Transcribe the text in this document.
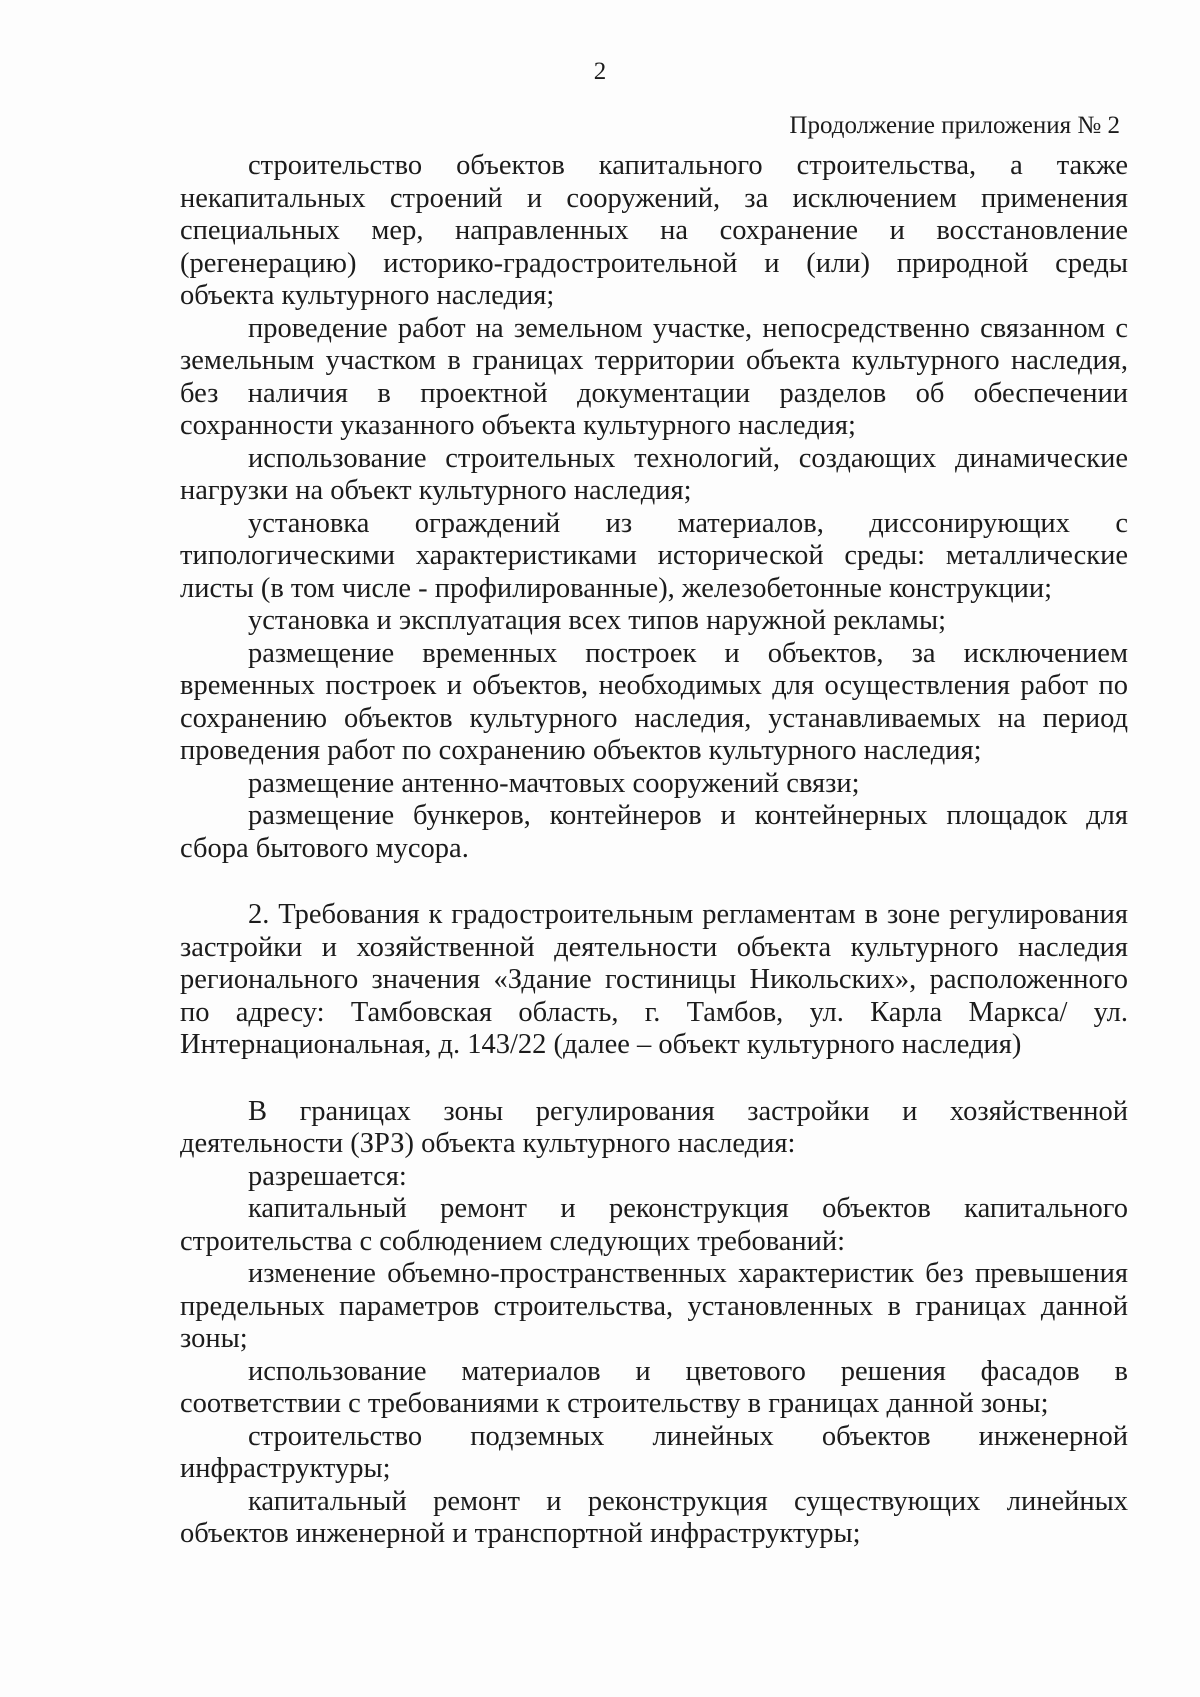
2
Продолжение приложения № 2

строительство объектов капитального строительства, а также некапитальных строений и сооружений, за исключением применения специальных мер, направленных на сохранение и восстановление (регенерацию) историко-градостроительной и (или) природной среды объекта культурного наследия;

проведение работ на земельном участке, непосредственно связанном с земельным участком в границах территории объекта культурного наследия, без наличия в проектной документации разделов об обеспечении сохранности указанного объекта культурного наследия;

использование строительных технологий, создающих динамические нагрузки на объект культурного наследия;

установка ограждений из материалов, диссонирующих с типологическими характеристиками исторической среды: металлические листы (в том числе - профилированные), железобетонные конструкции;

установка и эксплуатация всех типов наружной рекламы;

размещение временных построек и объектов, за исключением временных построек и объектов, необходимых для осуществления работ по сохранению объектов культурного наследия, устанавливаемых на период проведения работ по сохранению объектов культурного наследия;

размещение антенно-мачтовых сооружений связи;

размещение бункеров, контейнеров и контейнерных площадок для сбора бытового мусора.

2. Требования к градостроительным регламентам в зоне регулирования застройки и хозяйственной деятельности объекта культурного наследия регионального значения «Здание гостиницы Никольских», расположенного по адресу: Тамбовская область, г. Тамбов, ул. Карла Маркса/ ул. Интернациональная, д. 143/22 (далее – объект культурного наследия)

В границах зоны регулирования застройки и хозяйственной деятельности (ЗРЗ) объекта культурного наследия:

разрешается:

капитальный ремонт и реконструкция объектов капитального строительства с соблюдением следующих требований:

изменение объемно-пространственных характеристик без превышения предельных параметров строительства, установленных в границах данной зоны;

использование материалов и цветового решения фасадов в соответствии с требованиями к строительству в границах данной зоны;

строительство подземных линейных объектов инженерной инфраструктуры;

капитальный ремонт и реконструкция существующих линейных объектов инженерной и транспортной инфраструктуры;
